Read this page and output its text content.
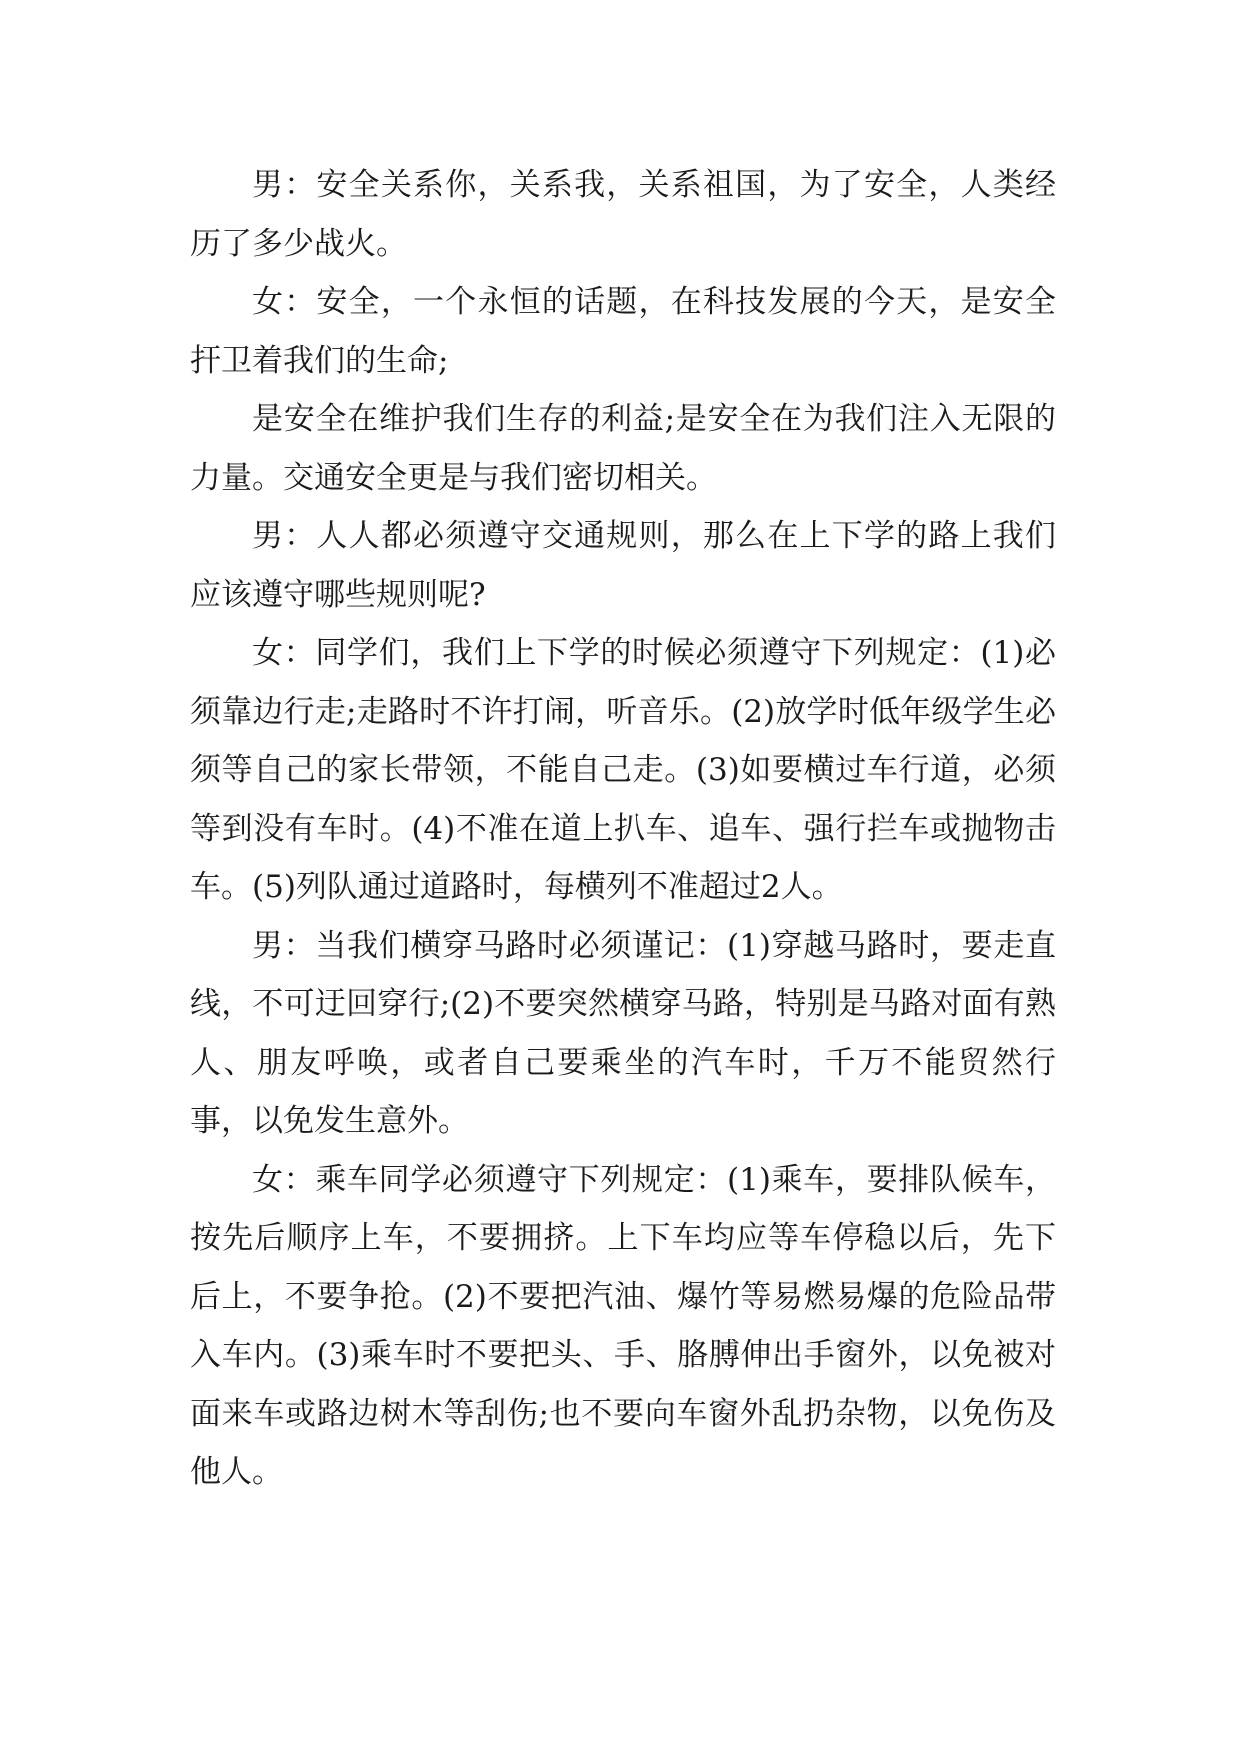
男：安全关系你，关系我，关系祖国，为了安全，人类经历了多少战火。

女：安全，一个永恒的话题，在科技发展的今天，是安全扞卫着我们的生命;

是安全在维护我们生存的利益;是安全在为我们注入无限的力量。交通安全更是与我们密切相关。

男：人人都必须遵守交通规则，那么在上下学的路上我们应该遵守哪些规则呢?

女：同学们，我们上下学的时候必须遵守下列规定：(1)必须靠边行走;走路时不许打闹，听音乐。(2)放学时低年级学生必须等自己的家长带领，不能自己走。(3)如要横过车行道，必须等到没有车时。(4)不准在道上扒车、追车、强行拦车或抛物击车。(5)列队通过道路时，每横列不准超过2人。

男：当我们横穿马路时必须谨记：(1)穿越马路时，要走直线，不可迂回穿行;(2)不要突然横穿马路，特别是马路对面有熟人、朋友呼唤，或者自己要乘坐的汽车时，千万不能贸然行事，以免发生意外。

女：乘车同学必须遵守下列规定：(1)乘车，要排队候车，按先后顺序上车，不要拥挤。上下车均应等车停稳以后，先下后上，不要争抢。(2)不要把汽油、爆竹等易燃易爆的危险品带入车内。(3)乘车时不要把头、手、胳膊伸出手窗外，以免被对面来车或路边树木等刮伤;也不要向车窗外乱扔杂物，以免伤及他人。
